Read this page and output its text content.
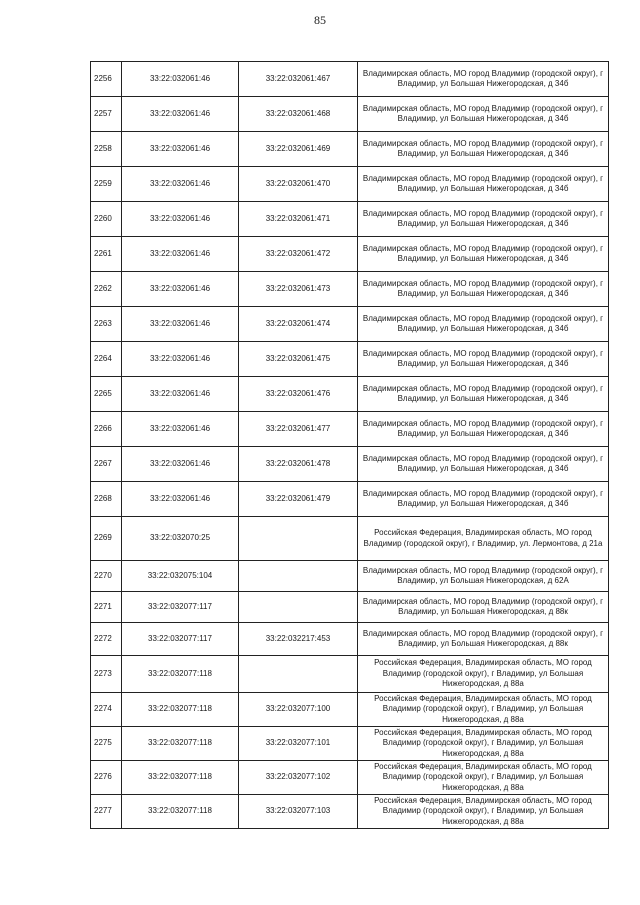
85
2256	33:22:032061:46	33:22:032061:467	Владимирская область, МО город Владимир (городской округ), г Владимир, ул Большая Нижегородская, д 34б
2257	33:22:032061:46	33:22:032061:468	Владимирская область, МО город Владимир (городской округ), г Владимир, ул Большая Нижегородская, д 34б
2258	33:22:032061:46	33:22:032061:469	Владимирская область, МО город Владимир (городской округ), г Владимир, ул Большая Нижегородская, д 34б
2259	33:22:032061:46	33:22:032061:470	Владимирская область, МО город Владимир (городской округ), г Владимир, ул Большая Нижегородская, д 34б
2260	33:22:032061:46	33:22:032061:471	Владимирская область, МО город Владимир (городской округ), г Владимир, ул Большая Нижегородская, д 34б
2261	33:22:032061:46	33:22:032061:472	Владимирская область, МО город Владимир (городской округ), г Владимир, ул Большая Нижегородская, д 34б
2262	33:22:032061:46	33:22:032061:473	Владимирская область, МО город Владимир (городской округ), г Владимир, ул Большая Нижегородская, д 34б
2263	33:22:032061:46	33:22:032061:474	Владимирская область, МО город Владимир (городской округ), г Владимир, ул Большая Нижегородская, д 34б
2264	33:22:032061:46	33:22:032061:475	Владимирская область, МО город Владимир (городской округ), г Владимир, ул Большая Нижегородская, д 34б
2265	33:22:032061:46	33:22:032061:476	Владимирская область, МО город Владимир (городской округ), г Владимир, ул Большая Нижегородская, д 34б
2266	33:22:032061:46	33:22:032061:477	Владимирская область, МО город Владимир (городской округ), г Владимир, ул Большая Нижегородская, д 34б
2267	33:22:032061:46	33:22:032061:478	Владимирская область, МО город Владимир (городской округ), г Владимир, ул Большая Нижегородская, д 34б
2268	33:22:032061:46	33:22:032061:479	Владимирская область, МО город Владимир (городской округ), г Владимир, ул Большая Нижегородская, д 34б
2269	33:22:032070:25		Российская Федерация, Владимирская область, МО город Владимир (городской округ), г Владимир, ул. Лермонтова, д 21а
2270	33:22:032075:104		Владимирская область, МО город Владимир (городской округ), г Владимир, ул Большая Нижегородская, д 62А
2271	33:22:032077:117		Владимирская область, МО город Владимир (городской округ), г Владимир, ул Большая Нижегородская, д 88к
2272	33:22:032077:117	33:22:032217:453	Владимирская область, МО город Владимир (городской округ), г Владимир, ул Большая Нижегородская, д 88к
2273	33:22:032077:118		Российская Федерация, Владимирская область, МО город Владимир (городской округ), г Владимир, ул Большая Нижегородская, д 88а
2274	33:22:032077:118	33:22:032077:100	Российская Федерация, Владимирская область, МО город Владимир (городской округ), г Владимир, ул Большая Нижегородская, д 88а
2275	33:22:032077:118	33:22:032077:101	Российская Федерация, Владимирская область, МО город Владимир (городской округ), г Владимир, ул Большая Нижегородская, д 88а
2276	33:22:032077:118	33:22:032077:102	Российская Федерация, Владимирская область, МО город Владимир (городской округ), г Владимир, ул Большая Нижегородская, д 88а
2277	33:22:032077:118	33:22:032077:103	Российская Федерация, Владимирская область, МО город Владимир (городской округ), г Владимир, ул Большая Нижегородская, д 88а
